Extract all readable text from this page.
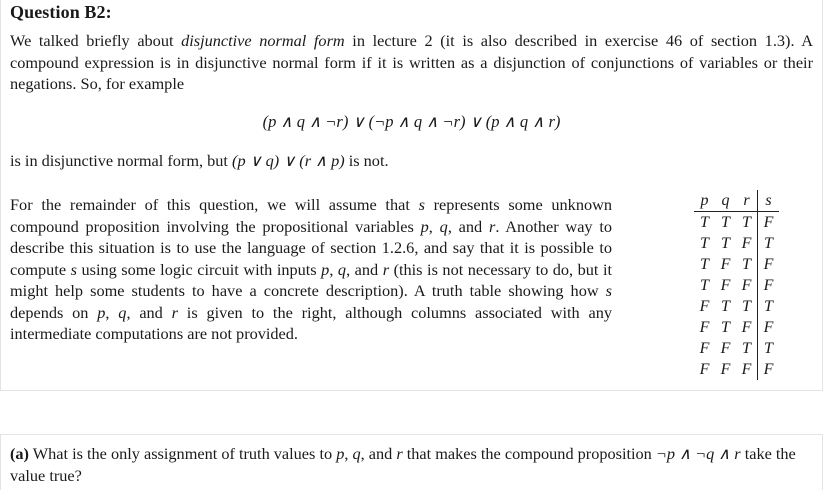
Question B2:
We talked briefly about disjunctive normal form in lecture 2 (it is also described in exercise 46 of section 1.3). A compound expression is in disjunctive normal form if it is written as a disjunction of conjunctions of variables or their negations. So, for example
(p ∧ q ∧ ¬r) ∨ (¬p ∧ q ∧ ¬r) ∨ (p ∧ q ∧ r)
is in disjunctive normal form, but (p ∨ q) ∨ (r ∧ p) is not.
For the remainder of this question, we will assume that s represents some unknown compound proposition involving the propositional variables p, q, and r. Another way to describe this situation is to use the language of section 1.2.6, and say that it is possible to compute s using some logic circuit with inputs p, q, and r (this is not necessary to do, but it might help some students to have a concrete description). A truth table showing how s depends on p, q, and r is given to the right, although columns associated with any intermediate computations are not provided.
p	q	r	s
T	T	T	F
T	T	F	T
T	F	T	F
T	F	F	F
F	T	T	T
F	T	F	F
F	F	T	T
F	F	F	F
(a) What is the only assignment of truth values to p, q, and r that makes the compound proposition ¬p ∧ ¬q ∧ r take the value true?
